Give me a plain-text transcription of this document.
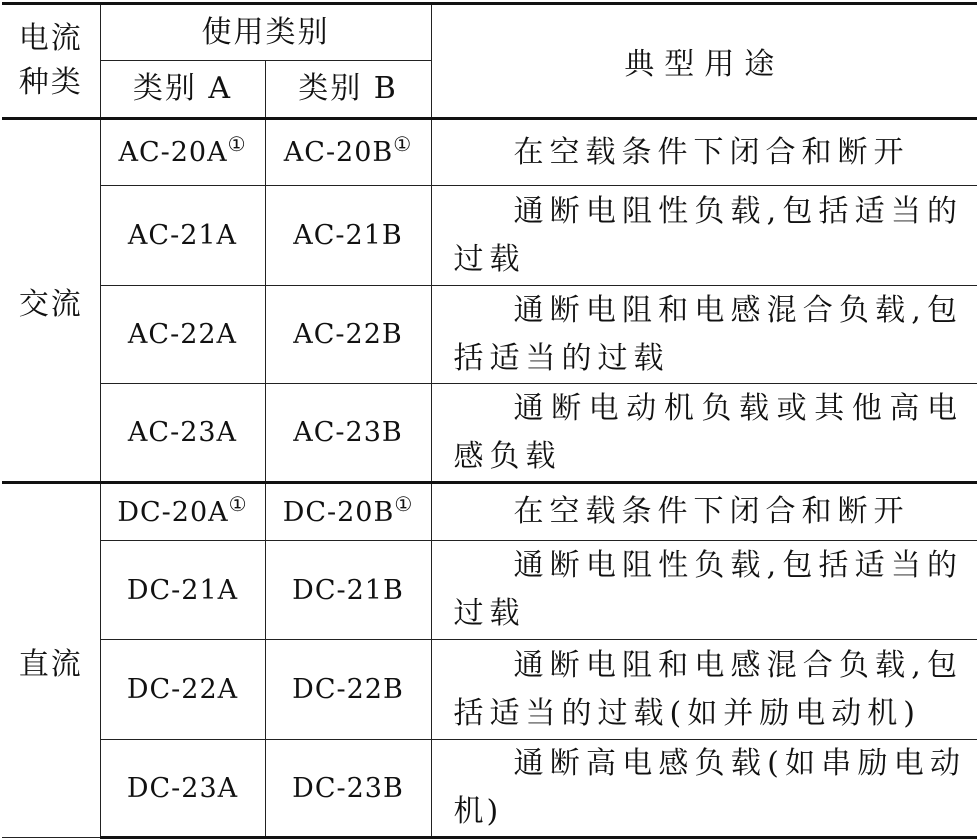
电流
种类	使用类别		典型用途
	类别 A	类别 B	
交流	AC-20A①	AC-20B①	在空载条件下闭合和断开
	AC-21A	AC-21B	通断电阻性负载,包括适当的过载
	AC-22A	AC-22B	通断电阻和电感混合负载,包括适当的过载
	AC-23A	AC-23B	通断电动机负载或其他高电感负载
直流	DC-20A①	DC-20B①	在空载条件下闭合和断开
	DC-21A	DC-21B	通断电阻性负载,包括适当的过载
	DC-22A	DC-22B	通断电阻和电感混合负载,包括适当的过载(如并励电动机)
	DC-23A	DC-23B	通断高电感负载(如串励电动机)
